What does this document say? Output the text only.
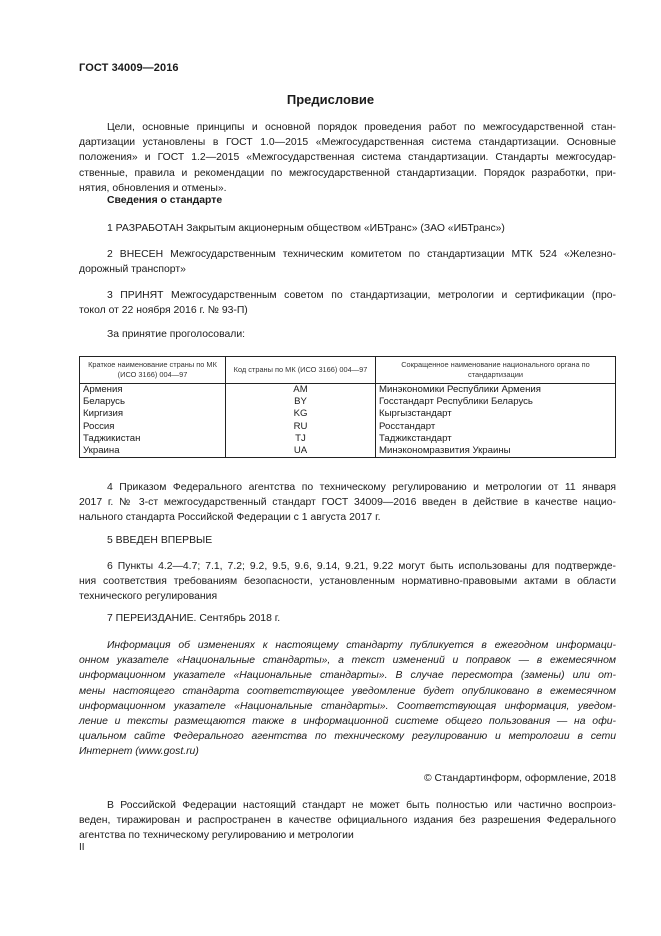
ГОСТ 34009—2016
Предисловие
Цели, основные принципы и основной порядок проведения работ по межгосударственной стан-
дартизации установлены в ГОСТ 1.0—2015 «Межгосударственная система стандартизации. Основные
положения» и ГОСТ 1.2—2015 «Межгосударственная система стандартизации. Стандарты межгосудар-
ственные, правила и рекомендации по межгосударственной стандартизации. Порядок разработки, при-
нятия, обновления и отмены».
Сведения о стандарте
1 РАЗРАБОТАН Закрытым акционерным обществом «ИБТранс» (ЗАО «ИБТранс»)
2 ВНЕСЕН Межгосударственным техническим комитетом по стандартизации МТК 524 «Железно-
дорожный транспорт»
3 ПРИНЯТ Межгосударственным советом по стандартизации, метрологии и сертификации (про-
токол от 22 ноября 2016 г. № 93-П)
За принятие проголосовали:
Краткое наименование страны по МК (ИСО 3166) 004—97	Код страны по МК (ИСО 3166) 004—97	Сокращенное наименование национального органа по стандартизации
Армения	AM	Минэкономики Республики Армения
Беларусь	BY	Госстандарт Республики Беларусь
Киргизия	KG	Кыргызстандарт
Россия	RU	Росстандарт
Таджикистан	TJ	Таджикстандарт
Украина	UA	Минэкономразвития Украины
4 Приказом Федерального агентства по техническому регулированию и метрологии от 11 января
2017 г. № 3-ст межгосударственный стандарт ГОСТ 34009—2016 введен в действие в качестве нацио-
нального стандарта Российской Федерации с 1 августа 2017 г.
5 ВВЕДЕН ВПЕРВЫЕ
6 Пункты 4.2—4.7; 7.1, 7.2; 9.2, 9.5, 9.6, 9.14, 9.21, 9.22 могут быть использованы для подтвержде-
ния соответствия требованиям безопасности, установленным нормативно-правовыми актами в области
технического регулирования
7 ПЕРЕИЗДАНИЕ. Сентябрь 2018 г.
Информация об изменениях к настоящему стандарту публикуется в ежегодном информаци-
онном указателе «Национальные стандарты», а текст изменений и поправок — в ежемесячном
информационном указателе «Национальные стандарты». В случае пересмотра (замены) или от-
мены настоящего стандарта соответствующее уведомление будет опубликовано в ежемесячном
информационном указателе «Национальные стандарты». Соответствующая информация, уведом-
ление и тексты размещаются также в информационной системе общего пользования — на офи-
циальном сайте Федерального агентства по техническому регулированию и метрологии в сети
Интернет (www.gost.ru)
© Стандартинформ, оформление, 2018
В Российской Федерации настоящий стандарт не может быть полностью или частично воспроиз-
веден, тиражирован и распространен в качестве официального издания без разрешения Федерального
агентства по техническому регулированию и метрологии
II
